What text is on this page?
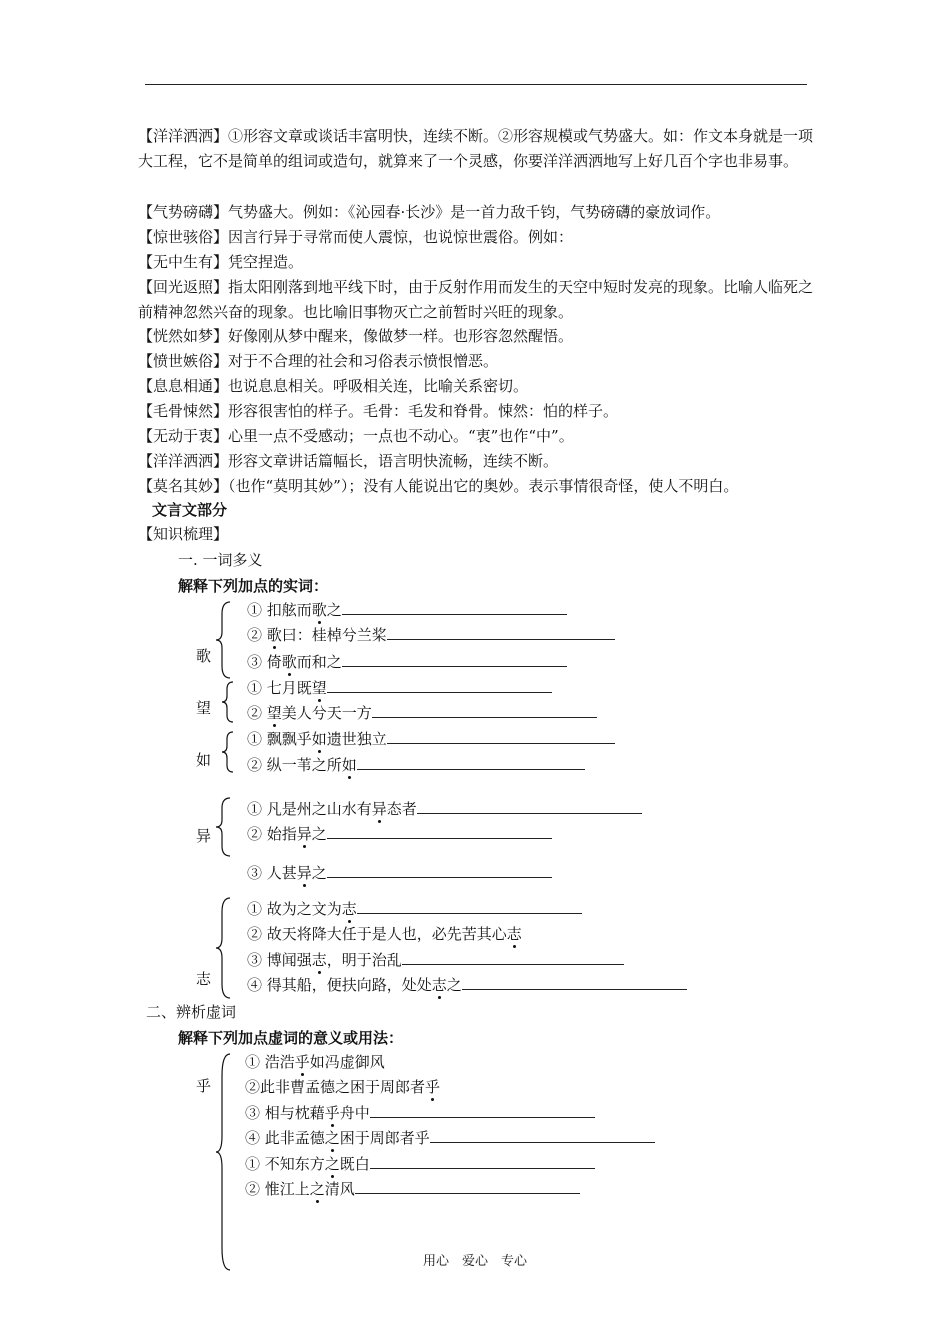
【洋洋洒洒】①形容文章或谈话丰富明快，连续不断。②形容规模或气势盛大。如：作文本身就是一项大工程，它不是简单的组词或造句，就算来了一个灵感，你要洋洋洒洒地写上好几百个字也非易事。
【气势磅礴】气势盛大。例如：《沁园春·长沙》是一首力敌千钧，气势磅礴的豪放词作。
【惊世骇俗】因言行异于寻常而使人震惊，也说惊世震俗。例如：
【无中生有】凭空捏造。
【回光返照】指太阳刚落到地平线下时，由于反射作用而发生的天空中短时发亮的现象。比喻人临死之前精神忽然兴奋的现象。也比喻旧事物灭亡之前暂时兴旺的现象。
【恍然如梦】好像刚从梦中醒来，像做梦一样。也形容忽然醒悟。
【愤世嫉俗】对于不合理的社会和习俗表示愤恨憎恶。
【息息相通】也说息息相关。呼吸相关连，比喻关系密切。
【毛骨悚然】形容很害怕的样子。毛骨：毛发和脊骨。悚然：怕的样子。
【无动于衷】心里一点不受感动；一点也不动心。“衷”也作“中”。
【洋洋洒洒】形容文章讲话篇幅长，语言明快流畅，连续不断。
【莫名其妙】（也作“莫明其妙”）；没有人能说出它的奥妙。表示事情很奇怪，使人不明白。
文言文部分
【知识梳理】
一. 一词多义
解释下列加点的实词：
歌
① 扣舷而歌之
② 歌曰：桂棹兮兰桨
③ 倚歌而和之
望
① 七月既望
② 望美人兮天一方
如
① 飘飘乎如遗世独立
② 纵一苇之所如
异
① 凡是州之山水有异态者
② 始指异之
③ 人甚异之
志
① 故为之文为志
② 故天将降大任于是人也，必先苦其心志
③ 博闻强志，明于治乱
④ 得其船，便扶向路，处处志之
二、辨析虚词
解释下列加点虚词的意义或用法：
乎
① 浩浩乎如冯虚御风
②此非曹孟德之困于周郎者乎
③ 相与枕藉乎舟中
④ 此非孟德之困于周郎者乎
① 不知东方之既白
② 惟江上之清风
用心　爱心　专心
